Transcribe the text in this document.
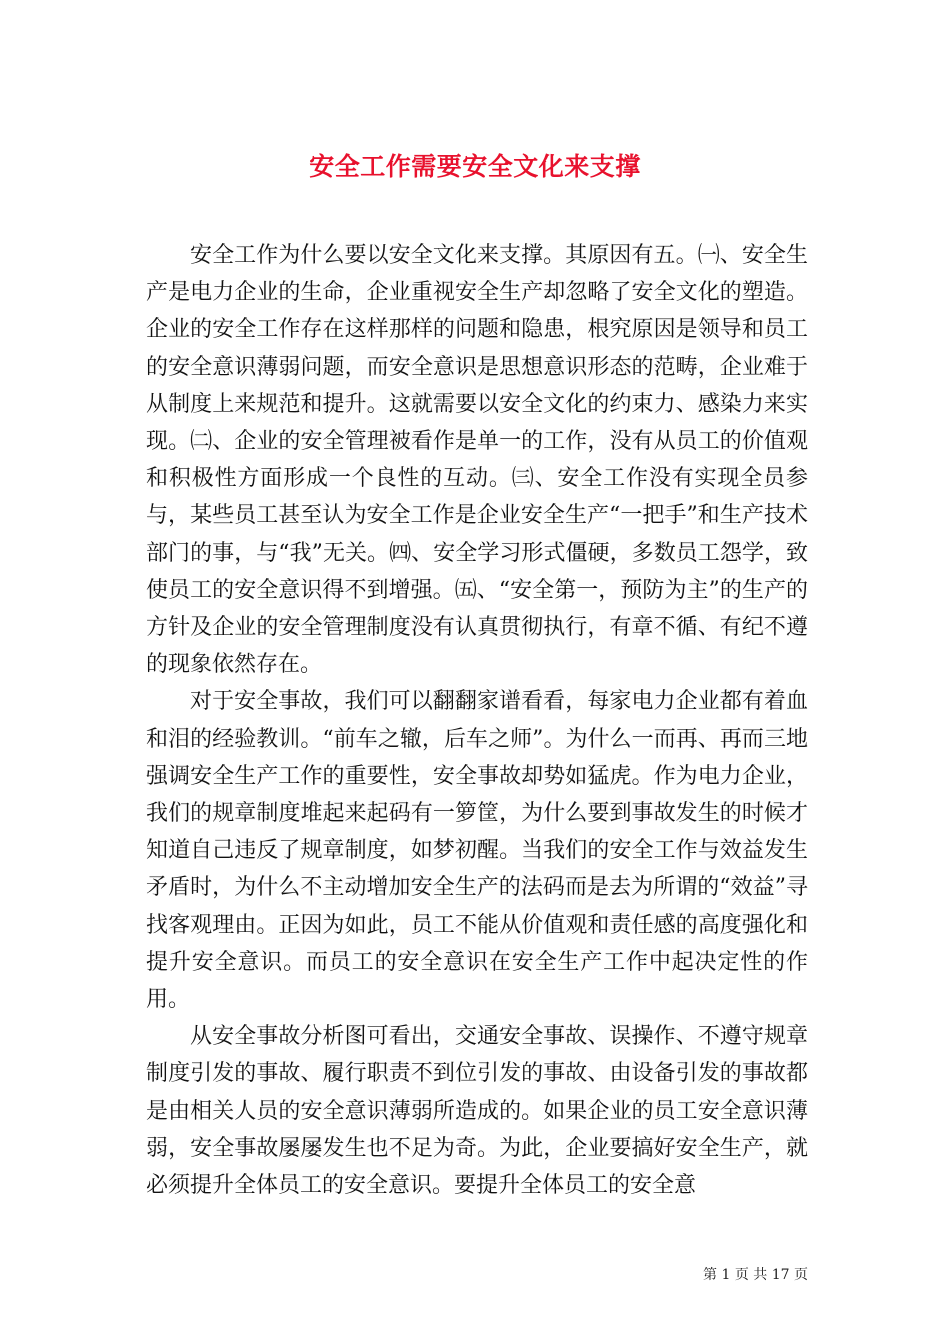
安全工作需要安全文化来支撑

安全工作为什么要以安全文化来支撑。其原因有五。㈠、安全生产是电力企业的生命，企业重视安全生产却忽略了安全文化的塑造。企业的安全工作存在这样那样的问题和隐患，根究原因是领导和员工的安全意识薄弱问题，而安全意识是思想意识形态的范畴，企业难于从制度上来规范和提升。这就需要以安全文化的约束力、感染力来实现。㈡、企业的安全管理被看作是单一的工作，没有从员工的价值观和积极性方面形成一个良性的互动。㈢、安全工作没有实现全员参与，某些员工甚至认为安全工作是企业安全生产“一把手”和生产技术部门的事，与“我”无关。㈣、安全学习形式僵硬，多数员工怨学，致使员工的安全意识得不到增强。㈤、“安全第一，预防为主”的生产的方针及企业的安全管理制度没有认真贯彻执行，有章不循、有纪不遵的现象依然存在。

对于安全事故，我们可以翻翻家谱看看，每家电力企业都有着血和泪的经验教训。“前车之辙，后车之师”。为什么一而再、再而三地强调安全生产工作的重要性，安全事故却势如猛虎。作为电力企业，我们的规章制度堆起来起码有一箩筐，为什么要到事故发生的时候才知道自己违反了规章制度，如梦初醒。当我们的安全工作与效益发生矛盾时，为什么不主动增加安全生产的法码而是去为所谓的“效益”寻找客观理由。正因为如此，员工不能从价值观和责任感的高度强化和提升安全意识。而员工的安全意识在安全生产工作中起决定性的作用。

从安全事故分析图可看出，交通安全事故、误操作、不遵守规章制度引发的事故、履行职责不到位引发的事故、由设备引发的事故都是由相关人员的安全意识薄弱所造成的。如果企业的员工安全意识薄弱，安全事故屡屡发生也不足为奇。为此，企业要搞好安全生产，就必须提升全体员工的安全意识。要提升全体员工的安全意

第 1 页 共 17 页
